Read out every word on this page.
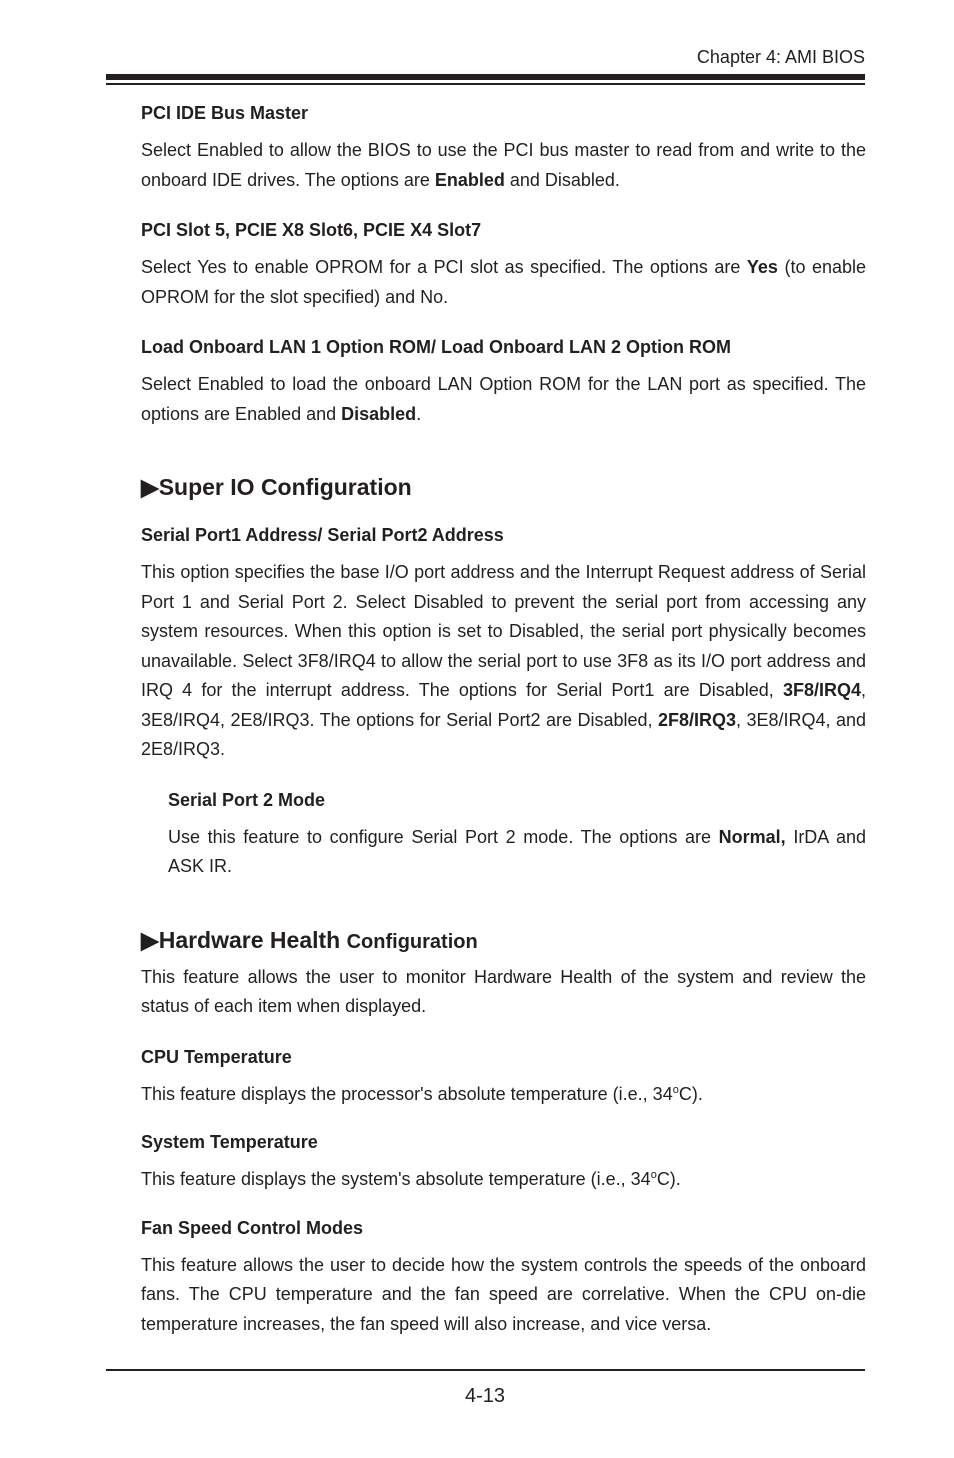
Chapter 4: AMI BIOS
PCI IDE Bus Master

Select Enabled to allow the BIOS to use the PCI bus master to read from and write to the onboard IDE drives. The options are Enabled and Disabled.

PCI Slot 5, PCIE X8 Slot6, PCIE X4 Slot7

Select Yes to enable OPROM for a PCI slot as specified. The options are Yes (to enable OPROM for the slot specified) and No.

Load Onboard LAN 1 Option ROM/ Load Onboard LAN 2 Option ROM

Select Enabled to load the onboard LAN Option ROM for the LAN port as specified. The options are Enabled and Disabled.

▶Super IO Configuration
Serial Port1 Address/ Serial Port2 Address

This option specifies the base I/O port address and the Interrupt Request address of Serial Port 1 and Serial Port 2. Select Disabled to prevent the serial port from accessing any system resources. When this option is set to Disabled, the serial port physically becomes unavailable. Select 3F8/IRQ4 to allow the serial port to use 3F8 as its I/O port address and IRQ 4 for the interrupt address. The options for Serial Port1 are Disabled, 3F8/IRQ4, 3E8/IRQ4, 2E8/IRQ3. The options for Serial Port2 are Disabled, 2F8/IRQ3, 3E8/IRQ4, and 2E8/IRQ3.

Serial Port 2 Mode

Use this feature to configure Serial Port 2 mode. The options are Normal, IrDA and ASK IR.

▶Hardware Health Configuration

This feature allows the user to monitor Hardware Health of the system and review the status of each item when displayed.

CPU Temperature

This feature displays the processor's absolute temperature (i.e., 34$^o$C).

System Temperature

This feature displays the system's absolute temperature (i.e., 34$^o$C).

Fan Speed Control Modes

This feature allows the user to decide how the system controls the speeds of the onboard fans. The CPU temperature and the fan speed are correlative. When the CPU on-die temperature increases, the fan speed will also increase, and vice versa.

4-13
